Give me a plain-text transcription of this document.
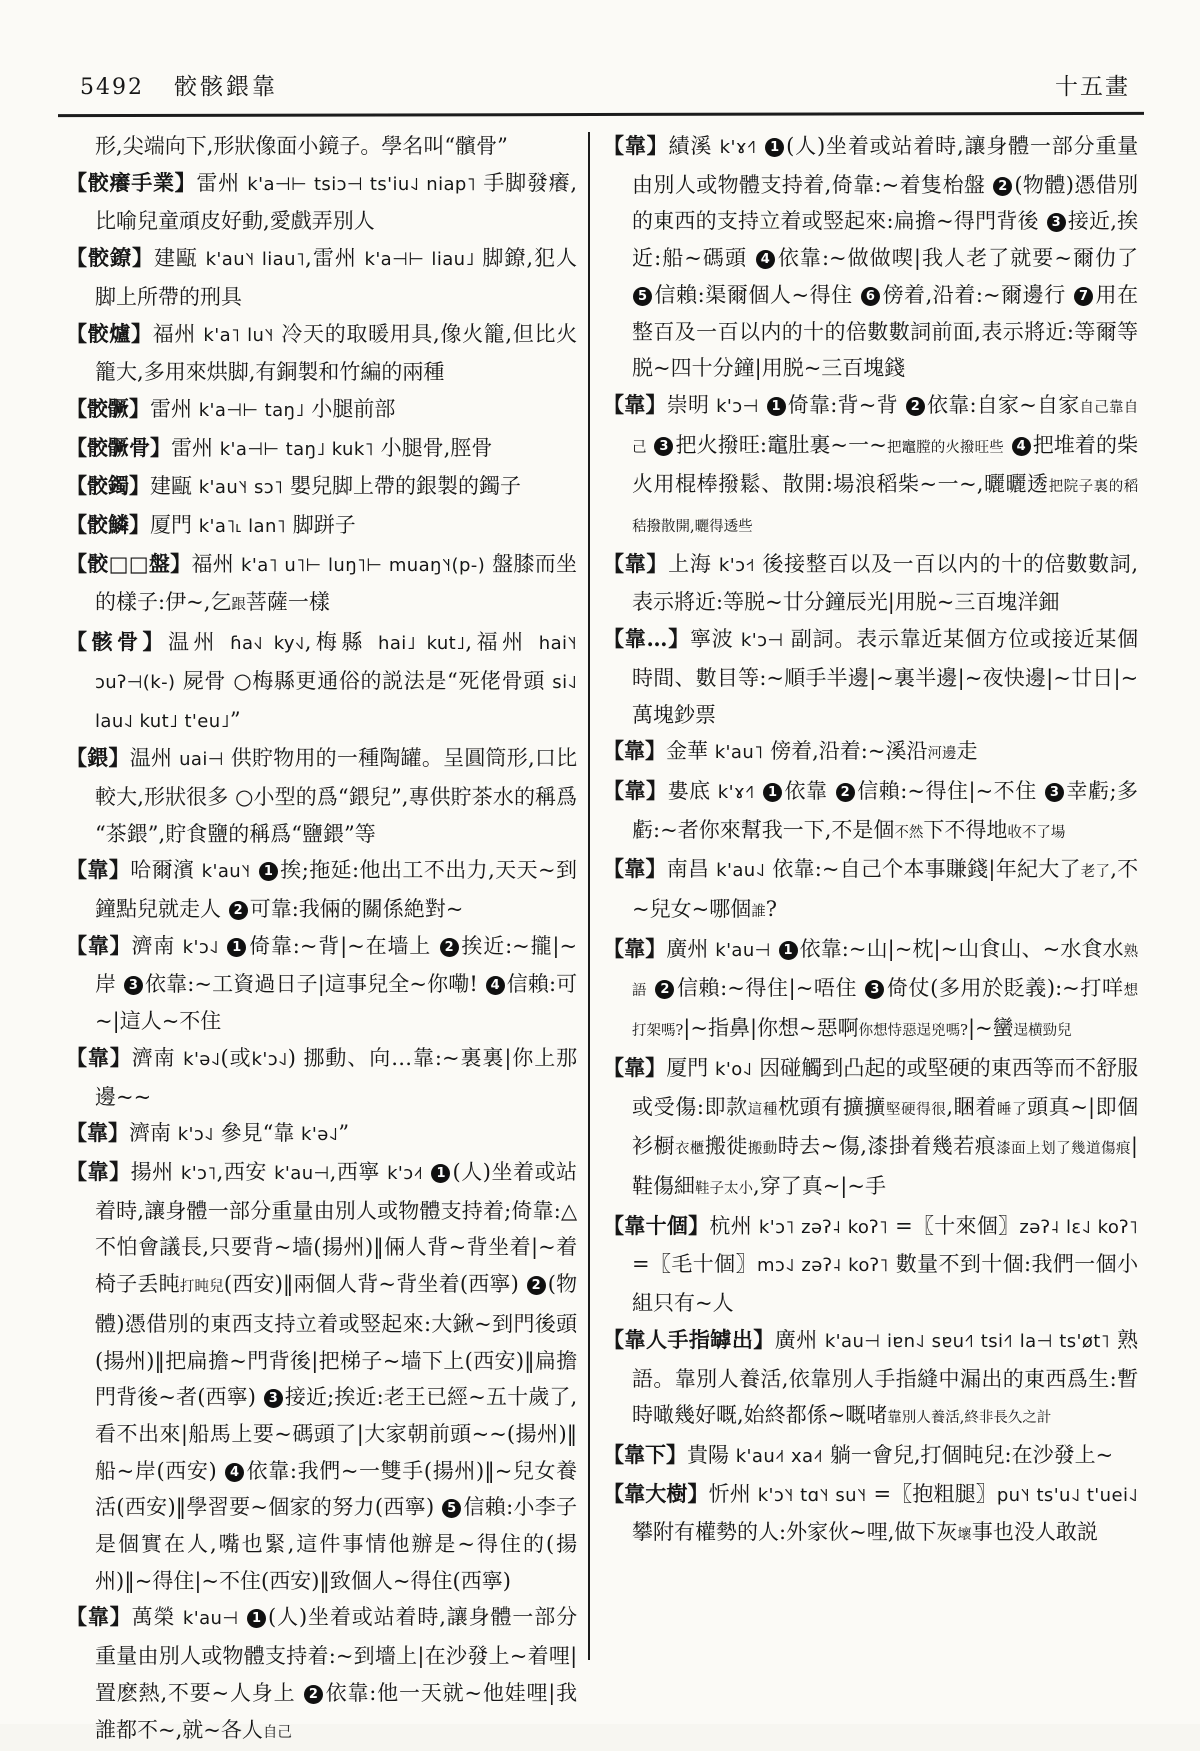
5492 骹骸鍡靠	十五畫

形,尖端向下,形狀像面小鏡子。學名叫“髕骨”

【骹癢手業】雷州 k'a⊣⊢ tsiɔ⊣ ts'iu˨˩ niap˥ 手脚發癢,比喻兒童頑皮好動,愛戲弄別人

【骹鐐】建甌 k'au˥˧ liau˥,雷州 k'a⊣⊢ liau˩ 脚鐐,犯人脚上所帶的刑具

【骹爐】福州 k'a˥ lu˥˧ 冷天的取暖用具,像火籠,但比火籠大,多用來烘脚,有銅製和竹編的兩種

【骹𩪗】雷州 k'a⊣⊢ taŋ˩ 小腿前部

【骹𩪗骨】雷州 k'a⊣⊢ taŋ˩ kuk˥ 小腿骨,脛骨

【骹鐲】建甌 k'au˥˧ sɔ˥ 嬰兒脚上帶的銀製的鐲子

【骹鱗】厦門 k'a˥˪ lan˥ 脚跰子

【骹□□盤】福州 k'a˥ u˥⊢ luŋ˥⊢ muaŋ˥˧(p-) 盤膝而坐的樣子:伊~,乞跟菩薩一樣

【骸骨】温州 ɦa˧˩ ky˧˩,梅縣 hai˩ kut˩,福州 hai˥˧ ɔuʔ⊣(k-) 屍骨 ○梅縣更通俗的説法是“死佬骨頭 si˨˩ lau˨˩ kut˩ t'eu˩”

【鍡】温州 uai⊣ 供貯物用的一種陶罐。呈圓筒形,口比較大,形狀很多 ○小型的爲“鍡兒”,專供貯茶水的稱爲“茶鍡”,貯食鹽的稱爲“鹽鍡”等

【靠】哈爾濱 k'au˥˧ 1 挨;拖延:他出工不出力,天天~到鐘點兒就走人 2 可靠:我倆的關係絶對~

【靠】濟南 k'ɔ˨˩ 1 倚靠:~背|~在墙上 2 挨近:~攏|~岸 3 依靠:~工資過日子|這事兒全~你嘞! 4 信賴:可~|這人~不住

【靠】濟南 k'ə˨˩(或k'ɔ˨˩) 挪動、向…靠:~裏裏|你上那邊~~

【靠】濟南 k'ɔ˨˩ 參見“靠 k'ə˨˩”

【靠】揚州 k'ɔ˥,西安 k'au⊣,西寧 k'ɔ˨˦ 1 (人)坐着或站着時,讓身體一部分重量由別人或物體支持着;倚靠:△不怕會議長,只要背~墙(揚州)‖倆人背~背坐着|~着椅子丢盹打盹兒(西安)‖兩個人背~背坐着(西寧) 2 (物體)憑借別的東西支持立着或竪起來:大鍬~到門後頭(揚州)‖把扁擔~門背後|把梯子~墙下上(西安)‖扁擔門背後~者(西寧) 3 接近;挨近:老王已經~五十歲了,看不出來|船馬上要~碼頭了|大家朝前頭~~(揚州)‖船~岸(西安) 4 依靠:我們~一雙手(揚州)‖~兒女養活(西安)‖學習要~個家的努力(西寧) 5 信賴:小李子是個實在人,嘴也緊,這件事情他辦是~得住的(揚州)‖~得住|~不住(西安)‖致個人~得住(西寧)

【靠】萬榮 k'au⊣ 1 (人)坐着或站着時,讓身體一部分重量由別人或物體支持着:~到墻上|在沙發上~着哩|置麽熱,不要~人身上 2 依靠:他一天就~他娃哩|我誰都不~,就~各人自己

【靠】績溪 k'ɤ˧˥ 1 (人)坐着或站着時,讓身體一部分重量由別人或物體支持着,倚靠:~着隻枱盤 2 (物體)憑借別的東西的支持立着或竪起來:扁擔~得門背後 3 接近,挨近:船~碼頭 4 依靠:~做做喫|我人老了就要~爾仂了 5 信賴:渠爾個人~得住 6 傍着,沿着:~爾邊行 7 用在整百及一百以内的十的倍數數詞前面,表示將近:等爾等脱~四十分鐘|用脱~三百塊錢

【靠】崇明 k'ɔ⊣ 1 倚靠:背~背 2 依靠:自家~自家自己靠自己 3 把火撥旺:竈肚裏~一~把竈膛的火撥旺些 4 把堆着的柴火用棍棒撥鬆、散開:場浪稻柴~一~,曬曬透把院子裏的稻秸撥散開,曬得透些

【靠】上海 k'ɔ˧˦ 後接整百以及一百以内的十的倍數數詞,表示將近:等脱~廿分鐘辰光|用脱~三百塊洋鈿

【靠…】寧波 k'ɔ⊣ 副詞。表示靠近某個方位或接近某個時間、數目等:~順手半邊|~裏半邊|~夜快邊|~廿日|~萬塊鈔票

【靠】金華 k'au˥ 傍着,沿着:~溪沿河邊走

【靠】婁底 k'ɤ˧˥ 1 依靠 2 信賴:~得住|~不住 3 幸虧;多虧:~者你來幫我一下,不是個不然下不得地收不了場

【靠】南昌 k'au˨˩ 依靠:~自己个本事賺錢|年紀大了老了,不~兒女~哪個誰?

【靠】廣州 k'au⊣ 1 依靠:~山|~枕|~山食山、~水食水熟語 2 信賴:~得住|~唔住 3 倚仗(多用於貶義):~打咩想打架嗎?|~指鼻|你想~惡啊你想恃惡逞兇嗎?|~蠻逞横勁兒

【靠】厦門 k'o˨˩ 因碰觸到凸起的或堅硬的東西等而不舒服或受傷:即款這種枕頭有擴擴堅硬得很,睏着睡了頭真~|即個衫橱衣櫃搬徙搬動時去~傷,漆掛着幾若痕漆面上划了幾道傷痕|鞋傷細鞋子太小,穿了真~|~手

【靠十個】杭州 k'ɔ˥ zəʔ˨ koʔ˥ =〖十來個〗zəʔ˨ lɛ˨˩ koʔ˥ =〖毛十個〗mɔ˨˩ zəʔ˨ koʔ˥ 數量不到十個:我們一個小組只有~人

【靠人手指罅出】廣州 k'au⊣ iɐn˨˩ sɐu˧˥ tsi˧˥ la⊣ ts'øt˥ 熟語。靠別人養活,依靠別人手指縫中漏出的東西爲生:暫時噉幾好嘅,始終都係~嘅啫靠別人養活,終非長久之計

【靠下】貴陽 k'au˨˦ xa˨˦ 躺一會兒,打個盹兒:在沙發上~

【靠大樹】忻州 k'ɔ˥˧ tɑ˥˧ su˥˧ =〖抱粗腿〗pu˥˧ ts'u˨˩ t'uei˨˩ 攀附有權勢的人:外家伙~哩,做下灰壞事也没人敢説
